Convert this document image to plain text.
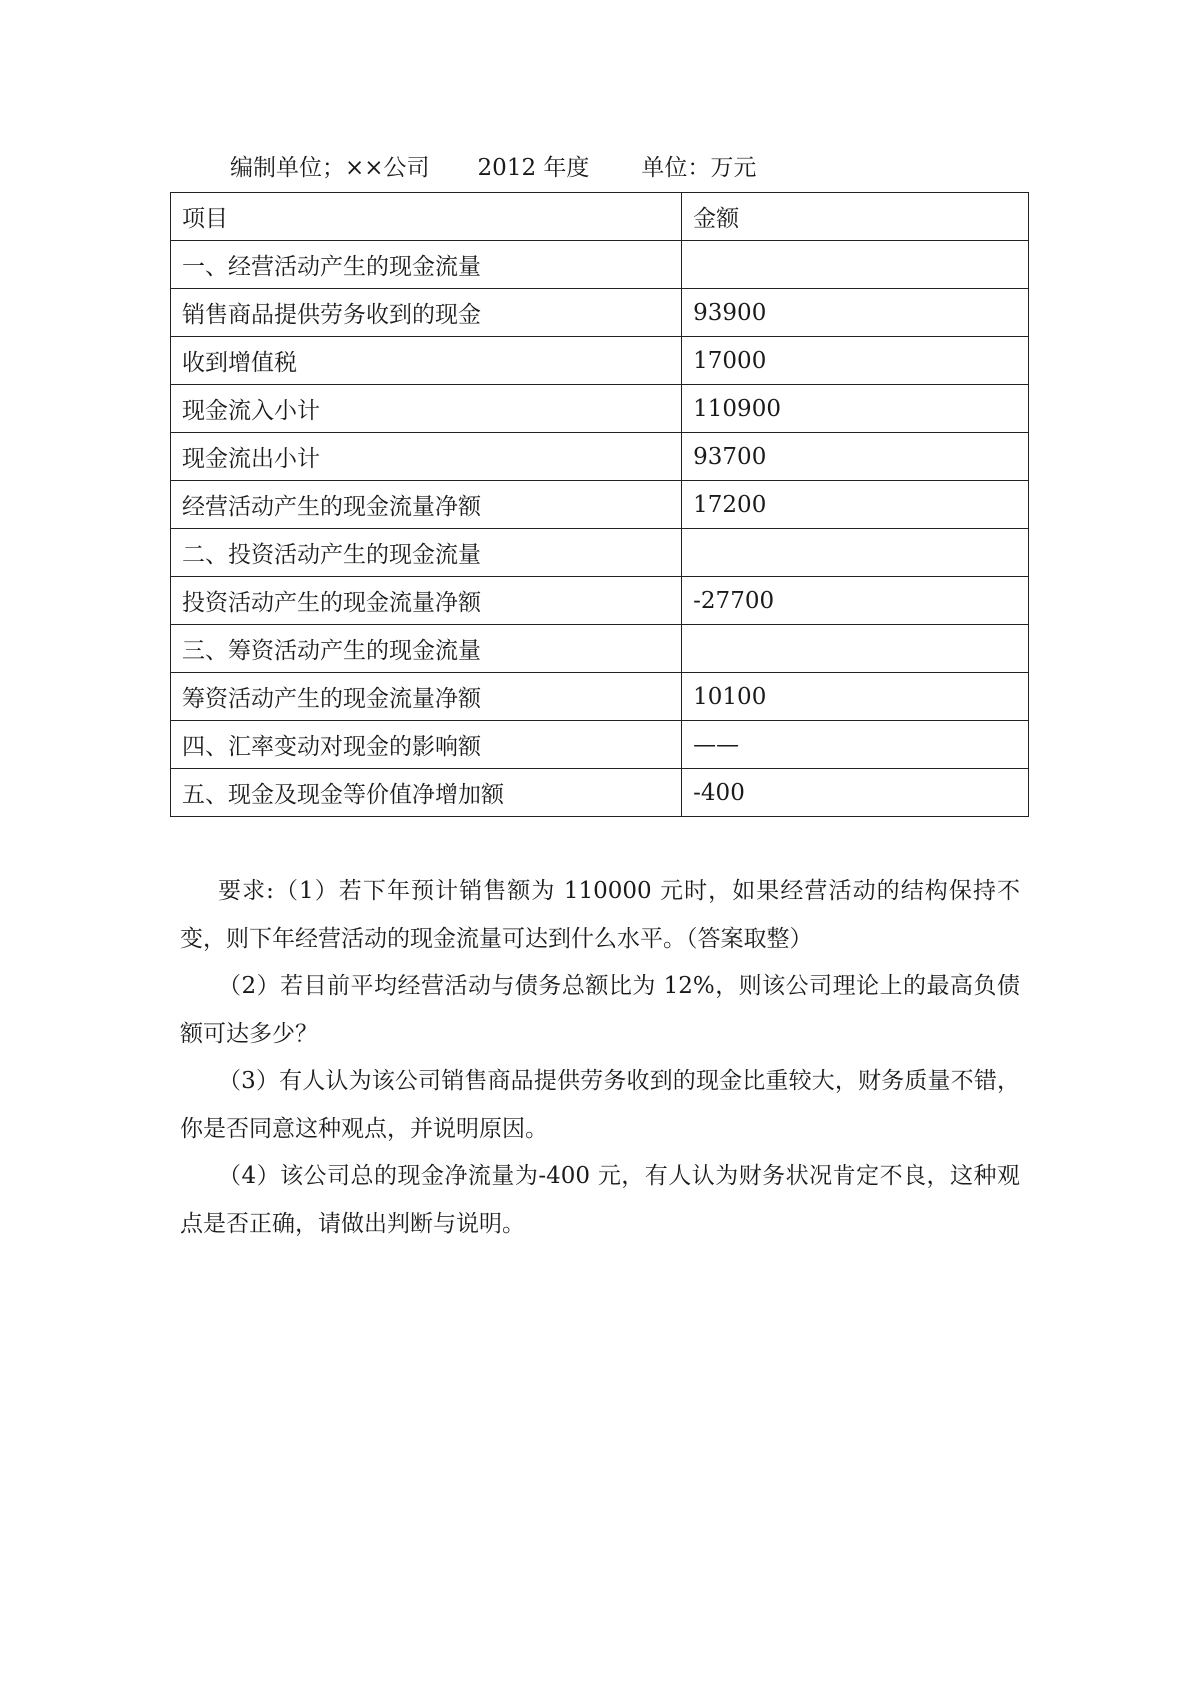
编制单位；××公司 2012 年度 单位：万元
项目	金额
一、经营活动产生的现金流量	
销售商品提供劳务收到的现金	93900
收到增值税	17000
现金流入小计	110900
现金流出小计	93700
经营活动产生的现金流量净额	17200
二、投资活动产生的现金流量	
投资活动产生的现金流量净额	-27700
三、筹资活动产生的现金流量	
筹资活动产生的现金流量净额	10100
四、汇率变动对现金的影响额	——
五、现金及现金等价值净增加额	-400

要求:（1）若下年预计销售额为 110000 元时，如果经营活动的结构保持不变，则下年经营活动的现金流量可达到什么水平。（答案取整）

（2）若目前平均经营活动与债务总额比为 12%，则该公司理论上的最高负债额可达多少？

（3）有人认为该公司销售商品提供劳务收到的现金比重较大，财务质量不错，你是否同意这种观点，并说明原因。

（4）该公司总的现金净流量为-400 元，有人认为财务状况肯定不良，这种观点是否正确，请做出判断与说明。
